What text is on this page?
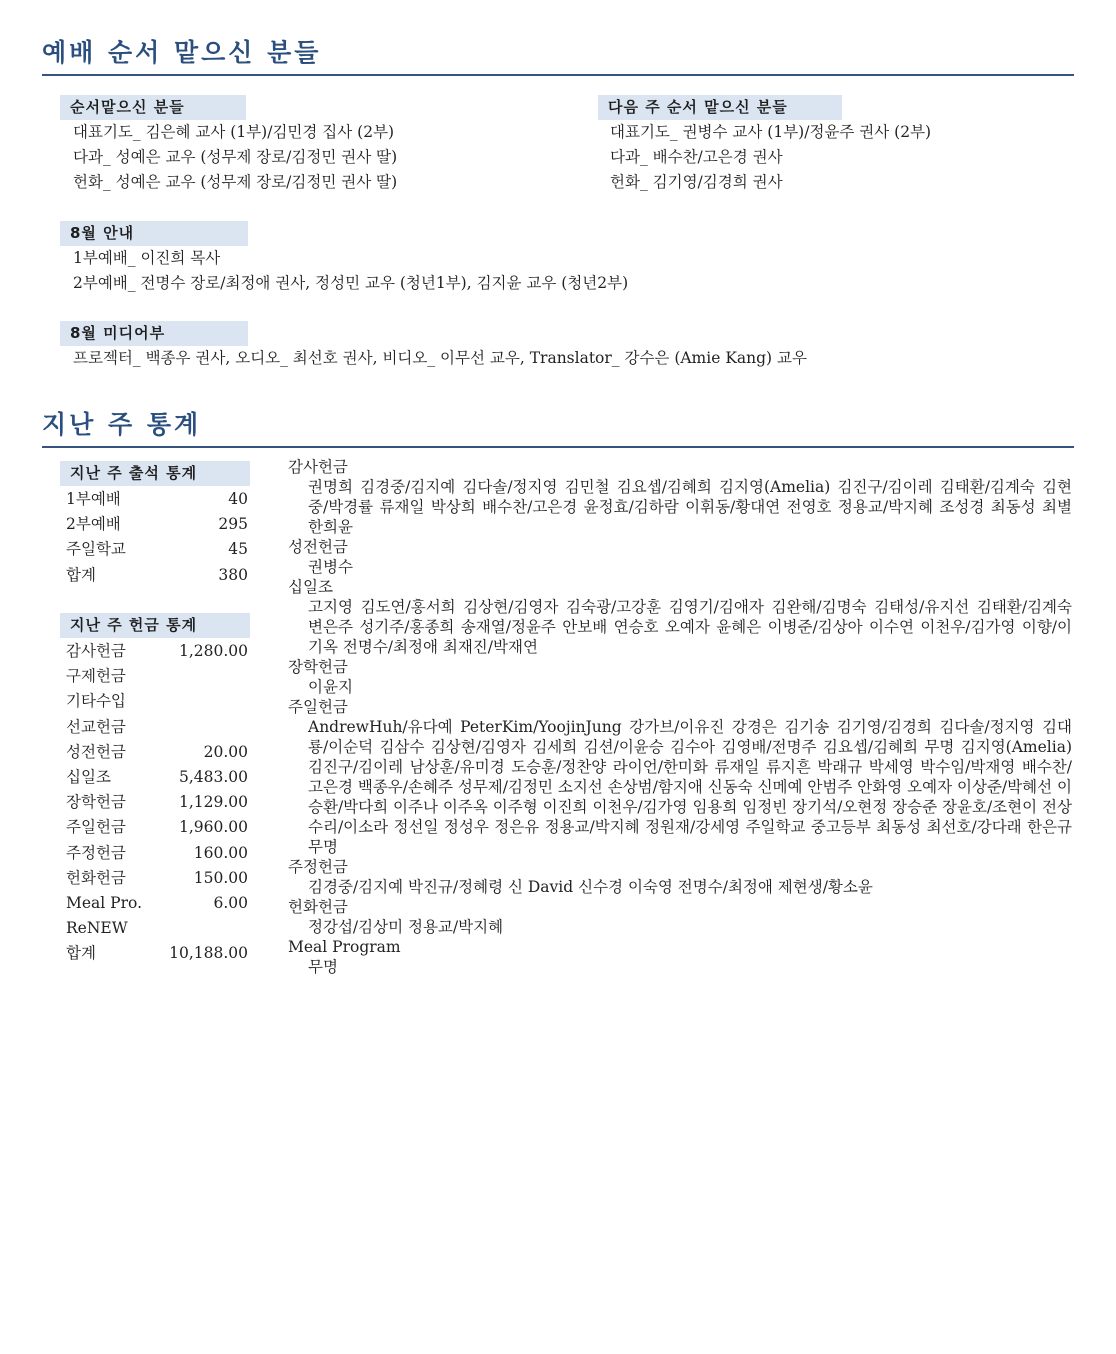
예배 순서 맡으신 분들
순서맡으신 분들
대표기도_ 김은혜 교사 (1부)/김민경 집사 (2부)
다과_ 성예은 교우 (성무제 장로/김정민 권사 딸)
헌화_ 성예은 교우 (성무제 장로/김정민 권사 딸)
다음 주 순서 맡으신 분들
대표기도_ 권병수 교사 (1부)/정윤주 권사 (2부)
다과_ 배수찬/고은경 권사
헌화_ 김기영/김경희 권사
8월 안내
1부예배_ 이진희 목사
2부예배_ 전명수 장로/최정애 권사, 정성민 교우 (청년1부), 김지윤 교우 (청년2부)
8월 미디어부
프로젝터_ 백종우 권사, 오디오_ 최선호 권사, 비디오_ 이무선 교우, Translator_ 강수은 (Amie Kang) 교우
지난 주 통계
지난 주 출석 통계
1부예배	40
2부예배	295
주일학교	45
합계	380
지난 주 헌금 통계
감사헌금	1,280.00
구제헌금
기타수입
선교헌금
성전헌금	20.00
십일조	5,483.00
장학헌금	1,129.00
주일헌금	1,960.00
주정헌금	160.00
헌화헌금	150.00
Meal Pro.	6.00
ReNEW
합계	10,188.00
감사헌금
권명희 김경중/김지예 김다솔/정지영 김민철 김요셉/김혜희 김지영(Amelia) 김진구/김이레 김태환/김계숙 김현중/박경률 류재일 박상희 배수찬/고은경 윤정효/김하람 이휘동/황대연 전영호 정용교/박지혜 조성경 최동성 최별 한희윤
성전헌금
권병수
십일조
고지영 김도연/홍서희 김상현/김영자 김숙광/고강훈 김영기/김애자 김완해/김명숙 김태성/유지선 김태환/김계숙 변은주 성기주/홍종희 송재열/정윤주 안보배 연승호 오예자 윤혜은 이병준/김상아 이수연 이천우/김가영 이향/이기옥 전명수/최정애 최재진/박재연
장학헌금
이윤지
주일헌금
AndrewHuh/유다예 PeterKim/YoojinJung 강가브/이유진 강경은 김기송 김기영/김경희 김다솔/정지영 김대룡/이순덕 김삼수 김상현/김영자 김세희 김션/이윤승 김수아 김영배/전명주 김요셉/김혜희 무명 김지영(Amelia) 김진구/김이레 남상훈/유미경 도승훈/정찬양 라이언/한미화 류재일 류지흔 박래규 박세영 박수임/박재영 배수찬/고은경 백종우/손혜주 성무제/김정민 소지선 손상범/함지애 신동숙 신메예 안범주 안화영 오예자 이상준/박혜선 이승환/박다희 이주나 이주옥 이주형 이진희 이천우/김가영 임용희 임정빈 장기석/오현정 장승준 장윤호/조현이 전상수리/이소라 정선일 정성우 정은유 정용교/박지혜 정원재/강세영 주일학교 중고등부 최동성 최선호/강다래 한은규 무명
주정헌금
김경중/김지예 박진규/정혜령 신 David 신수경 이숙영 전명수/최정애 제현생/황소윤
헌화헌금
정강섭/김상미 정용교/박지혜
Meal Program
무명
